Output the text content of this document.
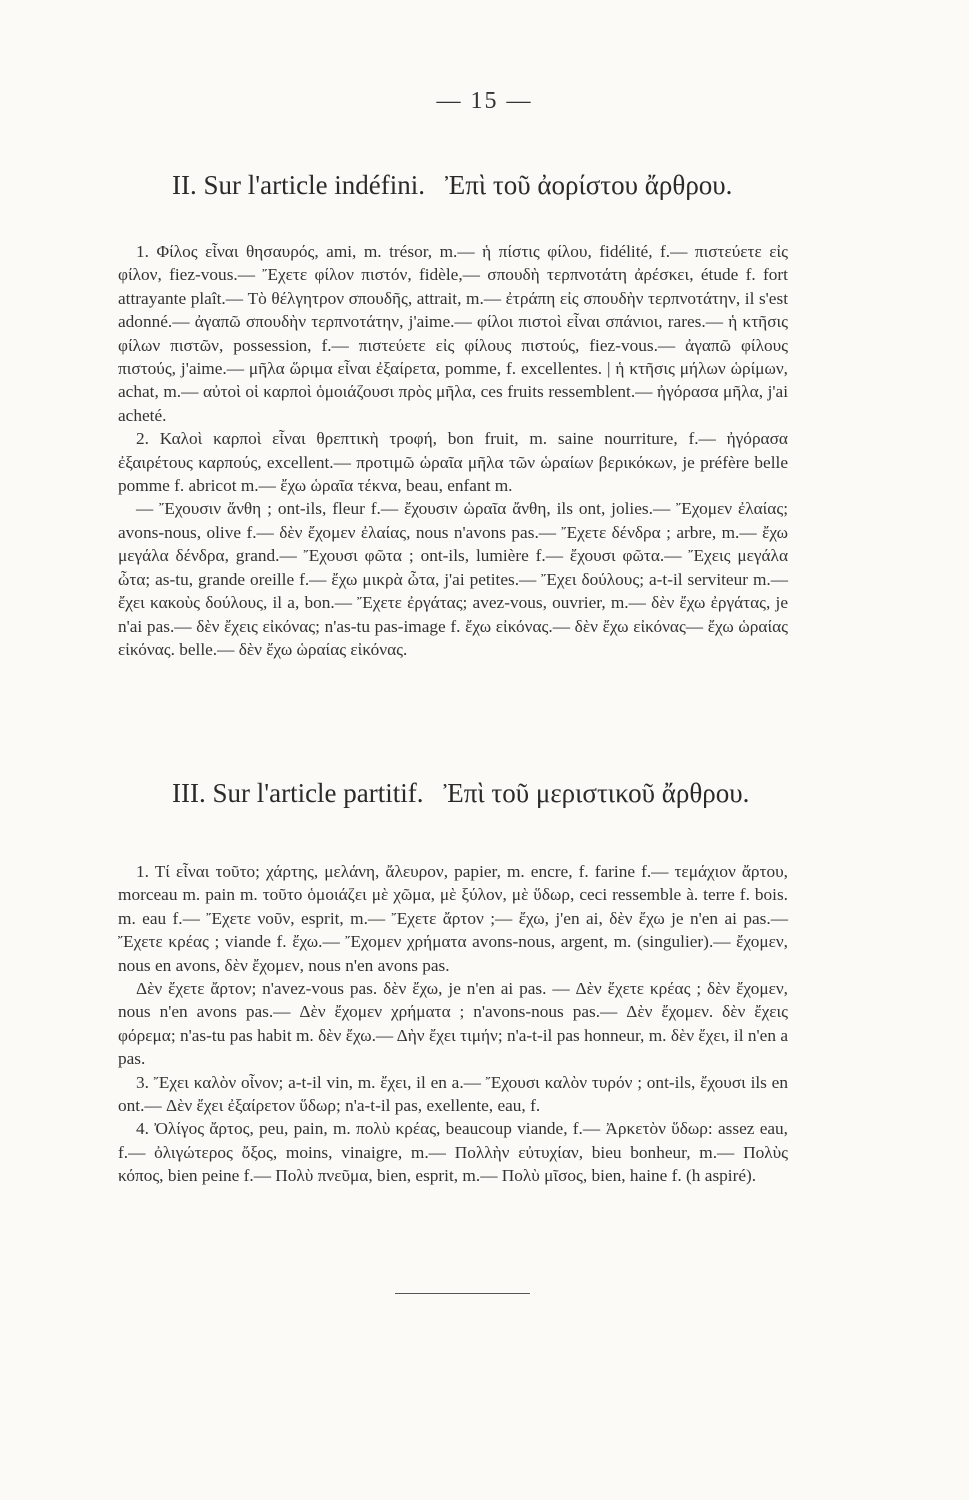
— 15 —
II. Sur l'article indéfini. Ἐπὶ τοῦ ἀορίστου ἄρθρου.

1. Φίλος εἶναι θησαυρός, ami, m. trésor, m.— ἡ πίστις φίλου, fidélité, f.— πιστεύετε εἰς φίλον, fiez-vous.— Ἔχετε φίλον πιστόν, fidèle,— σπουδὴ τερπνοτάτη ἀρέσκει, étude f. fort attrayante plaît.— Τὸ θέλγητρον σπουδῆς, attrait, m.— ἐτράπη εἰς σπουδὴν τερπνοτάτην, il s'est adonné.— ἀγαπῶ σπουδὴν τερπνοτάτην, j'aime.— φίλοι πιστοὶ εἶναι σπάνιοι, rares.— ἡ κτῆσις φίλων πιστῶν, possession, f.— πιστεύετε εἰς φίλους πιστούς, fiez-vous.— ἀγαπῶ φίλους πιστούς, j'aime.— μῆλα ὥριμα εἶναι ἐξαίρετα, pomme, f. excellentes. | ἡ κτῆσις μήλων ὡρίμων, achat, m.— αὐτοὶ οἱ καρποὶ ὁμοιάζουσι πρὸς μῆλα, ces fruits ressemblent.— ἠγόρασα μῆλα, j'ai acheté.

2. Καλοὶ καρποὶ εἶναι θρεπτικὴ τροφή, bon fruit, m. saine nourriture, f.— ἠγόρασα ἐξαιρέτους καρπούς, excellent.— προτιμῶ ὡραῖα μῆλα τῶν ὡραίων βερικόκων, je préfère belle pomme f. abricot m.— ἔχω ὡραῖα τέκνα, beau, enfant m.

— Ἔχουσιν ἄνθη ; ont-ils, fleur f.— ἔχουσιν ὡραῖα ἄνθη, ils ont, jolies.— Ἔχομεν ἐλαίας; avons-nous, olive f.— δὲν ἔχομεν ἐλαίας, nous n'avons pas.— Ἔχετε δένδρα ; arbre, m.— ἔχω μεγάλα δένδρα, grand.— Ἔχουσι φῶτα ; ont-ils, lumière f.— ἔχουσι φῶτα.— Ἔχεις μεγάλα ὦτα; as-tu, grande oreille f.— ἔχω μικρὰ ὦτα, j'ai petites.— Ἔχει δούλους; a-t-il serviteur m.— ἔχει κακοὺς δούλους, il a, bon.— Ἔχετε ἐργάτας; avez-vous, ouvrier, m.— δὲν ἔχω ἐργάτας, je n'ai pas.— δὲν ἔχεις εἰκόνας; n'as-tu pas-image f. ἔχω εἰκόνας.— δὲν ἔχω εἰκόνας— ἔχω ὡραίας εἰκόνας. belle.— δὲν ἔχω ὡραίας εἰκόνας.

III. Sur l'article partitif. Ἐπὶ τοῦ μεριστικοῦ ἄρθρου.

1. Τί εἶναι τοῦτο; χάρτης, μελάνη, ἄλευρον, papier, m. encre, f. farine f.— τεμάχιον ἄρτου, morceau m. pain m. τοῦτο ὁμοιάζει μὲ χῶμα, μὲ ξύλον, μὲ ὕδωρ, ceci ressemble à. terre f. bois. m. eau f.— Ἔχετε νοῦν, esprit, m.— Ἔχετε ἄρτον ;— ἔχω, j'en ai, δὲν ἔχω je n'en ai pas.— Ἔχετε κρέας ; viande f. ἔχω.— Ἔχομεν χρήματα avons-nous, argent, m. (singulier).— ἔχομεν, nous en avons, δὲν ἔχομεν, nous n'en avons pas.

Δὲν ἔχετε ἄρτον; n'avez-vous pas. δὲν ἔχω, je n'en ai pas. — Δὲν ἔχετε κρέας ; δὲν ἔχομεν, nous n'en avons pas.— Δὲν ἔχομεν χρήματα ; n'avons-nous pas.— Δὲν ἔχομεν. δὲν ἔχεις φόρεμα; n'as-tu pas habit m. δὲν ἔχω.— Δὴν ἔχει τιμήν; n'a-t-il pas honneur, m. δὲν ἔχει, il n'en a pas.

3. Ἔχει καλὸν οἶνον; a-t-il vin, m. ἔχει, il en a.— Ἔχουσι καλὸν τυρόν ; ont-ils, ἔχουσι ils en ont.— Δὲν ἔχει ἐξαίρετον ὕδωρ; n'a-t-il pas, exellente, eau, f.

4. Ὀλίγος ἄρτος, peu, pain, m. πολὺ κρέας, beaucoup viande, f.— Ἀρκετὸν ὕδωρ: assez eau, f.— ὀλιγώτερος ὄξος, moins, vinaigre, m.— Πολλὴν εὐτυχίαν, bieu bonheur, m.— Πολὺς κόπος, bien peine f.— Πολὺ πνεῦμα, bien, esprit, m.— Πολὺ μῖσος, bien, haine f. (h aspiré).
